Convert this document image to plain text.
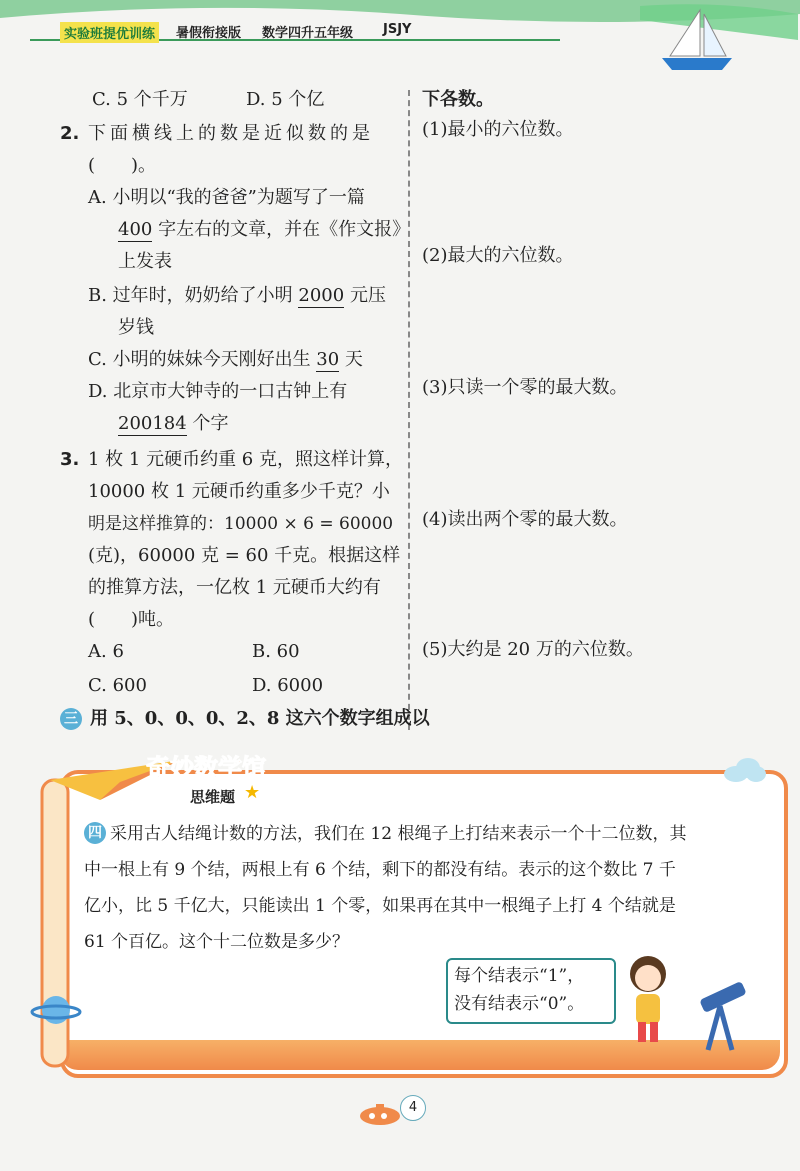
实验班提优训练	暑假衔接版 数学四升五年级 JSJY
C. 5 个千万	D. 5 个亿
2. 下面横线上的数是近似数的是
(　　)。
A. 小明以“我的爸爸”为题写了一篇
400 字左右的文章，并在《作文报》
上发表
B. 过年时，奶奶给了小明 2000 元压
岁钱
C. 小明的妹妹今天刚好出生 30 天
D. 北京市大钟寺的一口古钟上有
200184 个字
3. 1 枚 1 元硬币约重 6 克，照这样计算，
10000 枚 1 元硬币约重多少千克？小
明是这样推算的：10000 × 6 = 60000
(克)，60000 克 = 60 千克。根据这样
的推算方法，一亿枚 1 元硬币大约有
(　　)吨。
A. 6	B. 60
C. 600	D. 6000
三 用 5、0、0、0、2、8 这六个数字组成以
下各数。
(1)最小的六位数。
(2)最大的六位数。
(3)只读一个零的最大数。
(4)读出两个零的最大数。
(5)大约是 20 万的六位数。
奇妙数学馆
思维题 ★
四 采用古人结绳计数的方法，我们在 12 根绳子上打结来表示一个十二位数，其
中一根上有 9 个结，两根上有 6 个结，剩下的都没有结。表示的这个数比 7 千
亿小，比 5 千亿大，只能读出 1 个零，如果再在其中一根绳子上打 4 个结就是
61 个百亿。这个十二位数是多少？
每个结表示“1”，
没有结表示“0”。
4
